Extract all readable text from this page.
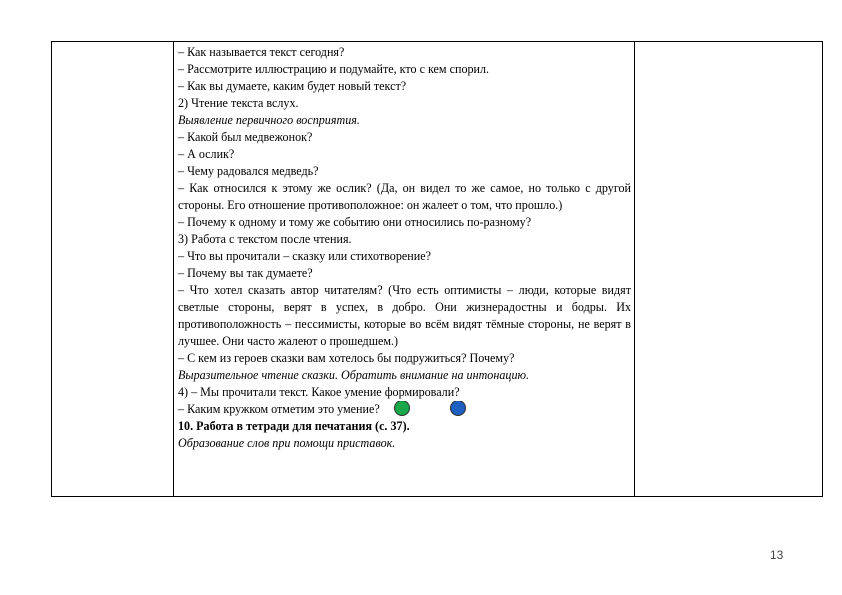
– Как называется текст сегодня?
– Рассмотрите иллюстрацию и подумайте, кто с кем спорил.
– Как вы думаете, каким будет новый текст?
2) Чтение текста вслух.
Выявление первичного восприятия.
– Какой был медвежонок?
– А ослик?
– Чему радовался медведь?
– Как относился к этому же ослик? (Да, он видел то же самое, но только с другой стороны. Его отношение противоположное: он жалеет о том, что прошло.)
– Почему к одному и тому же событию они относились по-разному?
3) Работа с текстом после чтения.
– Что вы прочитали – сказку или стихотворение?
– Почему вы так думаете?
– Что хотел сказать автор читателям? (Что есть оптимисты – люди, которые видят светлые стороны, верят в успех, в добро. Они жизнерадостны и бодры. Их противоположность – пессимисты, которые во всём видят тёмные стороны, не верят в лучшее. Они часто жалеют о прошедшем.)
– С кем из героев сказки вам хотелось бы подружиться? Почему?
Выразительное чтение сказки. Обратить внимание на интонацию.
4) – Мы прочитали текст. Какое умение формировали?
– Каким кружком отметим это умение?
10. Работа в тетради для печатания (с. 37).
Образование слов при помощи приставок.

13
